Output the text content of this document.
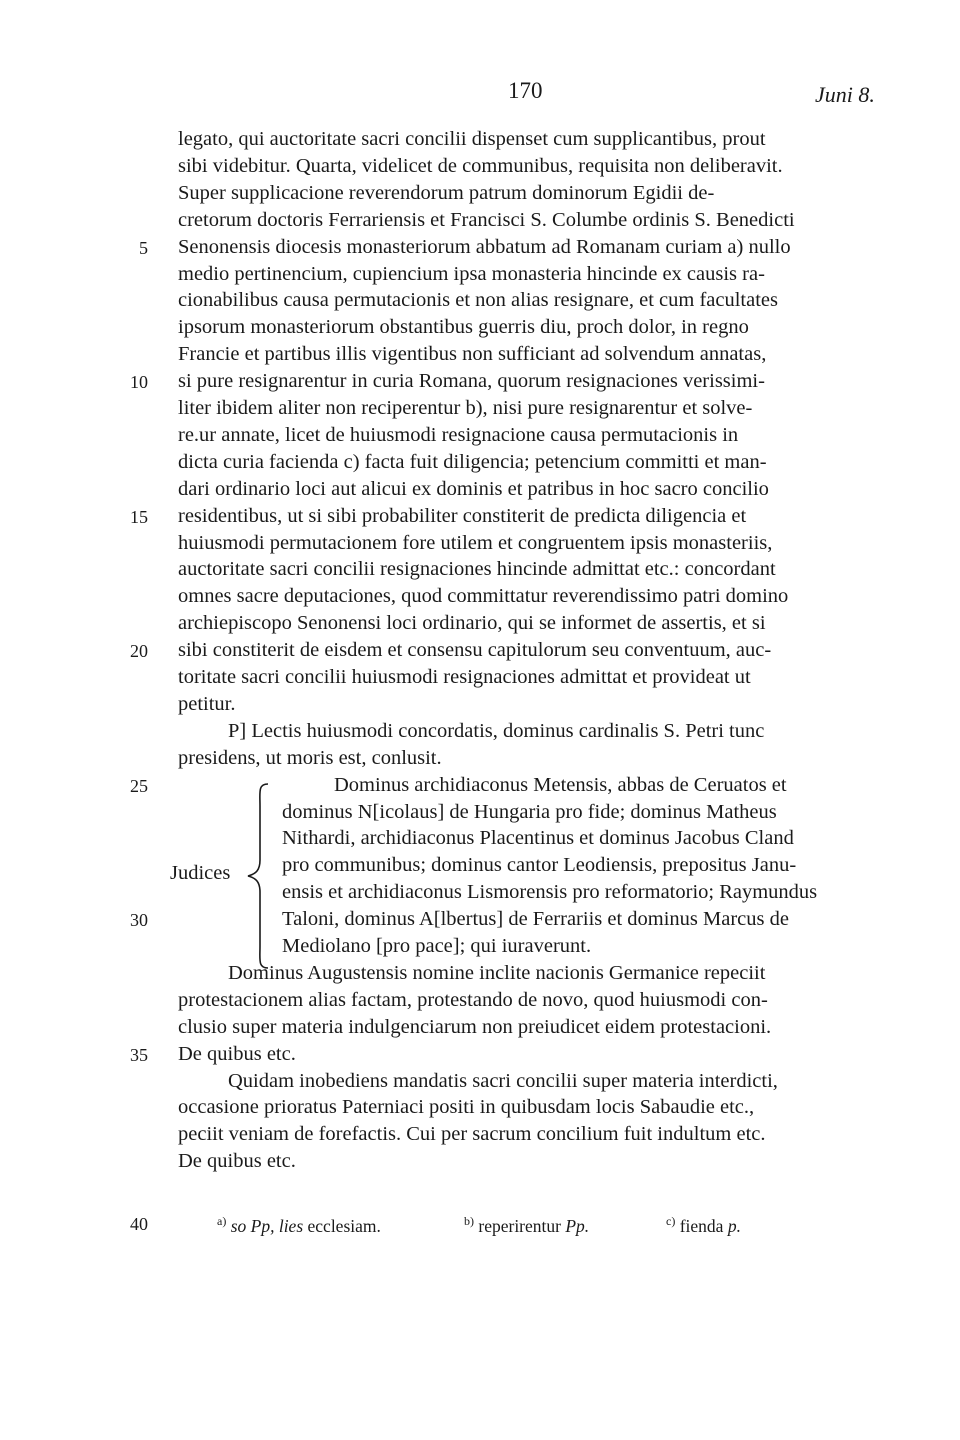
170	Juni 8.
legato, qui auctoritate sacri concilii dispenset cum supplicantibus, prout
sibi videbitur. Quarta, videlicet de communibus, requisita non deliberavit.
Super supplicacione reverendorum patrum dominorum Egidii de-
cretorum doctoris Ferrariensis et Francisci S. Columbe ordinis S. Benedicti
5 Senonensis diocesis monasteriorum abbatum ad Romanam curiam a) nullo
medio pertinencium, cupiencium ipsa monasteria hincinde ex causis ra-
cionabilibus causa permutacionis et non alias resignare, et cum facultates
ipsorum monasteriorum obstantibus guerris diu, proch dolor, in regno
Francie et partibus illis vigentibus non sufficiant ad solvendum annatas,
10 si pure resignarentur in curia Romana, quorum resignaciones verissimi-
liter ibidem aliter non reciperentur b), nisi pure resignarentur et solve-
re.ur annate, licet de huiusmodi resignacione causa permutacionis in
dicta curia facienda c) facta fuit diligencia; petencium committi et man-
dari ordinario loci aut alicui ex dominis et patribus in hoc sacro concilio
15 residentibus, ut si sibi probabiliter constiterit de predicta diligencia et
huiusmodi permutacionem fore utilem et congruentem ipsis monasteriis,
auctoritate sacri concilii resignaciones hincinde admittat etc.: concordant
omnes sacre deputaciones, quod committatur reverendissimo patri domino
archiepiscopo Senonensi loci ordinario, qui se informet de assertis, et si
20 sibi constiterit de eisdem et consensu capitulorum seu conventuum, auc-
toritate sacri concilii huiusmodi resignaciones admittat et provideat ut
petitur.
P] Lectis huiusmodi concordatis, dominus cardinalis S. Petri tunc
presidens, ut moris est, conlusit.
25	Dominus archidiaconus Metensis, abbas de Ceruatos et
dominus N[icolaus] de Hungaria pro fide; dominus Matheus
Nithardi, archidiaconus Placentinus et dominus Jacobus Cland
pro communibus; dominus cantor Leodiensis, prepositus Janu-
ensis et archidiaconus Lismorensis pro reformatorio; Raymundus
30	Taloni, dominus A[lbertus] de Ferrariis et dominus Marcus de
Mediolano [pro pace]; qui iuraverunt.
Dominus Augustensis nomine inclite nacionis Germanice repeciit
protestacionem alias factam, protestando de novo, quod huiusmodi con-
clusio super materia indulgenciarum non preiudicet eidem protestacioni.
35 De quibus etc.
Quidam inobediens mandatis sacri concilii super materia interdicti,
occasione prioratus Paterniaci positi in quibusdam locis Sabaudie etc.,
peciit veniam de forefactis. Cui per sacrum concilium fuit indultum etc.
De quibus etc.
Judices
40	$^{a)}$ so Pp, lies ecclesiam.	$^{b)}$ reperirentur Pp.	$^{c)}$ fienda p.
